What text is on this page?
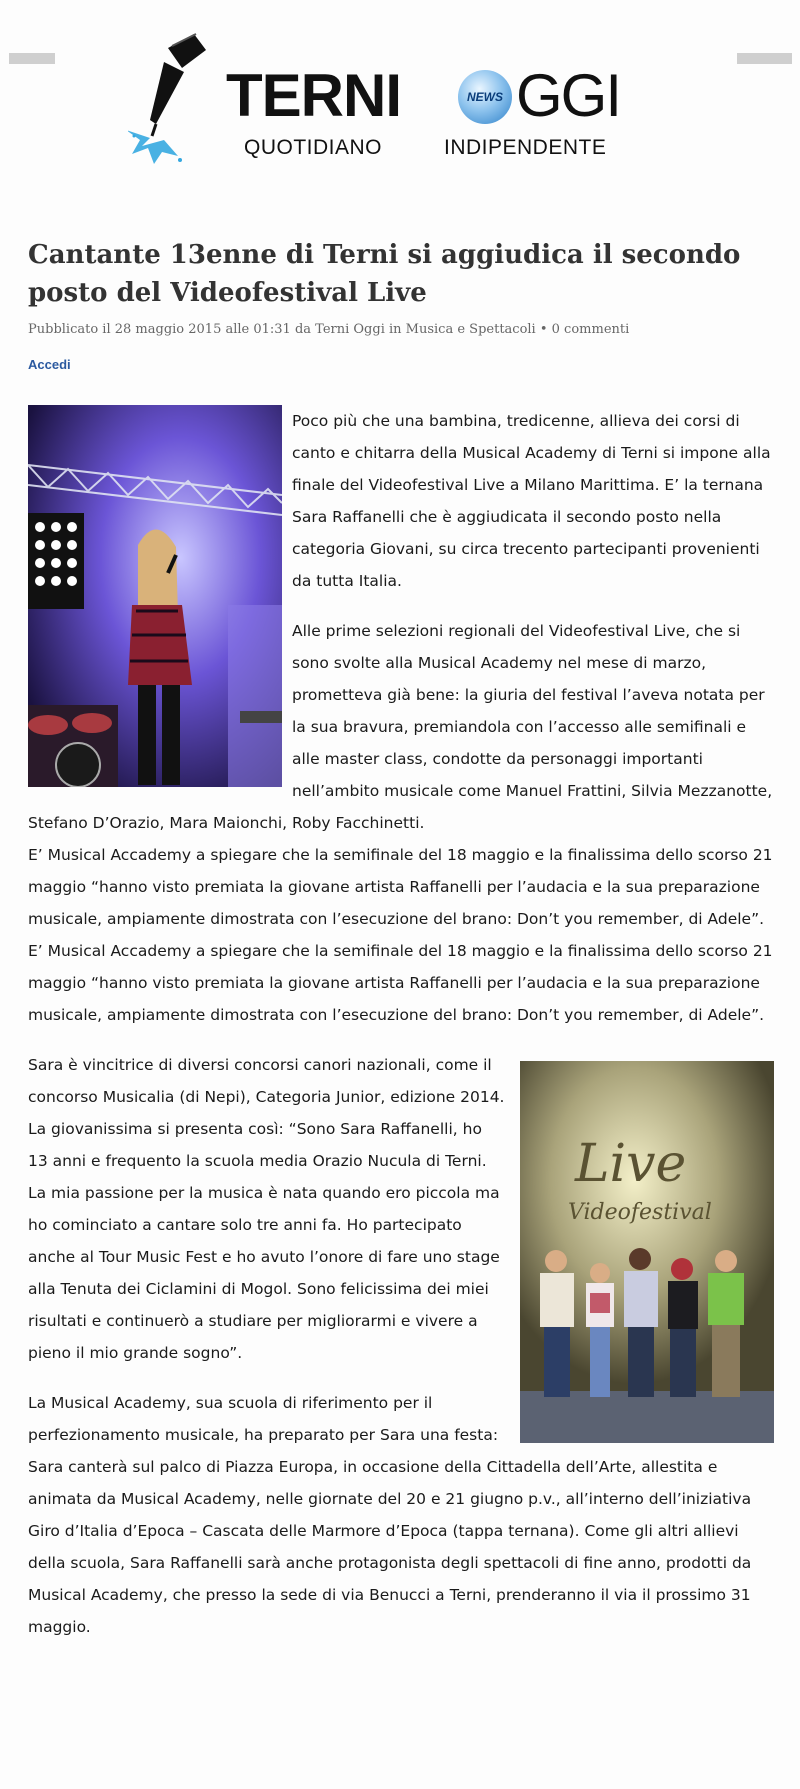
TERNI	NEWS GGI
QUOTIDIANO	INDIPENDENTE
Cantante 13enne di Terni si aggiudica il secondo posto del Videofestival Live
Pubblicato il 28 maggio 2015 alle 01:31 da Terni Oggi in Musica e Spettacoli • 0 commenti
Accedi

Poco più che una bambina, tredicenne, allieva dei corsi di canto e chitarra della Musical Academy di Terni si impone alla finale del Videofestival Live a Milano Marittima. E’ la ternana Sara Raffanelli che è aggiudicata il secondo posto nella categoria Giovani, su circa trecento partecipanti provenienti da tutta Italia.

Alle prime selezioni regionali del Videofestival Live, che si sono svolte alla Musical Academy nel mese di marzo, prometteva già bene: la giuria del festival l’aveva notata per la sua bravura, premiandola con l’accesso alle semifinali e alle master class, condotte da personaggi importanti nell’ambito musicale come Manuel Frattini, Silvia Mezzanotte, Stefano D’Orazio, Mara Maionchi, Roby Facchinetti.

E’ Musical Accademy a spiegare che la semifinale del 18 maggio e la finalissima dello scorso 21 maggio “hanno visto premiata la giovane artista Raffanelli per l’audacia e la sua preparazione musicale, ampiamente dimostrata con l’esecuzione del brano: Don’t you remember, di Adele”.

E’ Musical Accademy a spiegare che la semifinale del 18 maggio e la finalissima dello scorso 21 maggio “hanno visto premiata la giovane artista Raffanelli per l’audacia e la sua preparazione musicale, ampiamente dimostrata con l’esecuzione del brano: Don’t you remember, di Adele”.

Live
Videofestival

Sara è vincitrice di diversi concorsi canori nazionali, come il concorso Musicalia (di Nepi), Categoria Junior, edizione 2014. La giovanissima si presenta così: “Sono Sara Raffanelli, ho 13 anni e frequento la scuola media Orazio Nucula di Terni. La mia passione per la musica è nata quando ero piccola ma ho cominciato a cantare solo tre anni fa. Ho partecipato anche al Tour Music Fest e ho avuto l’onore di fare uno stage alla Tenuta dei Ciclamini di Mogol. Sono felicissima dei miei risultati e continuerò a studiare per migliorarmi e vivere a pieno il mio grande sogno”.

La Musical Academy, sua scuola di riferimento per il perfezionamento musicale, ha preparato per Sara una festa: Sara canterà sul palco di Piazza Europa, in occasione della Cittadella dell’Arte, allestita e animata da Musical Academy, nelle giornate del 20 e 21 giugno p.v., all’interno dell’iniziativa Giro d’Italia d’Epoca – Cascata delle Marmore d’Epoca (tappa ternana). Come gli altri allievi della scuola, Sara Raffanelli sarà anche protagonista degli spettacoli di fine anno, prodotti da Musical Academy, che presso la sede di via Benucci a Terni, prenderanno il via il prossimo 31 maggio.
